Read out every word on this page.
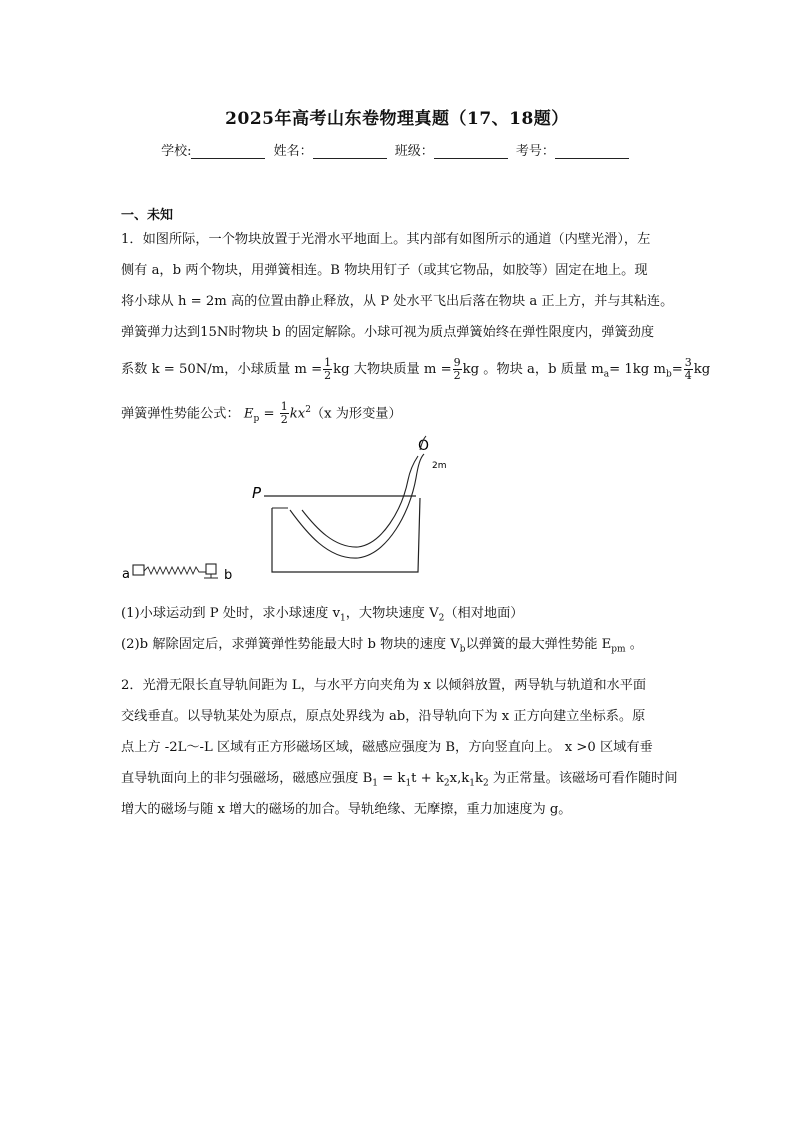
2025年高考山东卷物理真题（17、18题）
学校:	姓名：	班级：	考号：
一、未知
1．如图所际，一个物块放置于光滑水平地面上。其内部有如图所示的通道（内壁光滑），左
侧有 a，b 两个物块，用弹簧相连。B 物块用钉子（或其它物品，如胶等）固定在地上。现
将小球从 h = 2m 高的位置由静止释放，从 P 处水平飞出后落在物块 a 正上方，并与其粘连。
弹簧弹力达到15N时物块 b 的固定解除。小球可视为质点弹簧始终在弹性限度内，弹簧劲度
系数 k = 50N/m，小球质量 $m = \frac{1}{2}$ kg 大物块质量 $m = \frac{9}{2}$ kg 。物块 a，b 质量 $m_a= 1kg$ $m_b= \frac{3}{4}$ kg
弹簧弹性势能公式： $E_p = \frac{1}{2} kx^2(x$ 为形变量）
O
2m
P
a	b
(1)小球运动到 P 处时，求小球速度 $v_1$，大物块速度 $V_2$（相对地面）
(2)b 解除固定后，求弹簧弹性势能最大时 b 物块的速度 $V_b$以弹簧的最大弹性势能 $E_{pm}$ 。
2．光滑无限长直导轨间距为 L，与水平方向夹角为 x 以倾斜放置，两导轨与轨道和水平面
交线垂直。以导轨某处为原点，原点处界线为 ab，沿导轨向下为 x 正方向建立坐标系。原
点上方 -2L～-L 区域有正方形磁场区域，磁感应强度为 B，方向竖直向上。 x >0 区域有垂
直导轨面向上的非匀强磁场，磁感应强度 $B_1 = k_1t + k_2x,k_1k_2$ 为正常量。该磁场可看作随时间
增大的磁场与随 x 增大的磁场的加合。导轨绝缘、无摩擦，重力加速度为 g。
